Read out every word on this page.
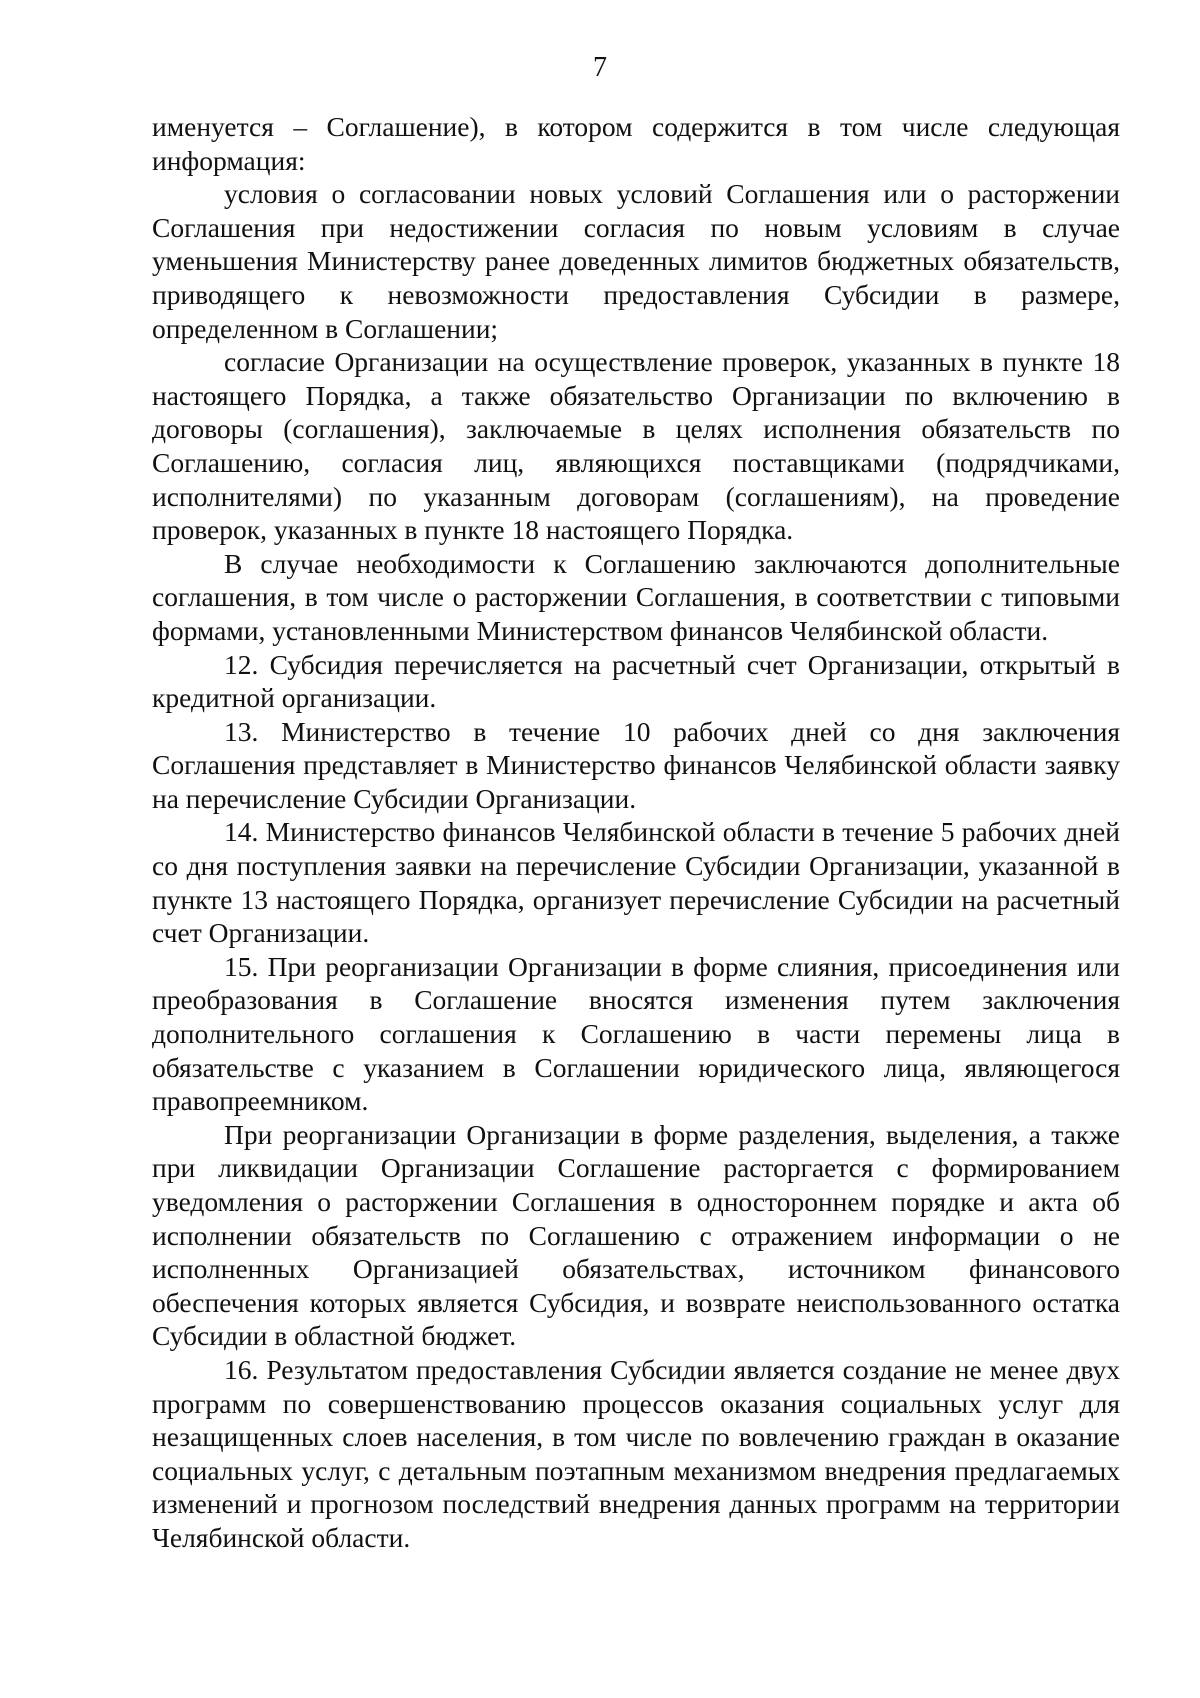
7

именуется – Соглашение), в котором содержится в том числе следующая информация:

условия о согласовании новых условий Соглашения или о расторжении Соглашения при недостижении согласия по новым условиям в случае уменьшения Министерству ранее доведенных лимитов бюджетных обязательств, приводящего к невозможности предоставления Субсидии в размере, определенном в Соглашении;

согласие Организации на осуществление проверок, указанных в пункте 18 настоящего Порядка, а также обязательство Организации по включению в договоры (соглашения), заключаемые в целях исполнения обязательств по Соглашению, согласия лиц, являющихся поставщиками (подрядчиками, исполнителями) по указанным договорам (соглашениям), на проведение проверок, указанных в пункте 18 настоящего Порядка.

В случае необходимости к Соглашению заключаются дополнительные соглашения, в том числе о расторжении Соглашения, в соответствии с типовыми формами, установленными Министерством финансов Челябинской области.

12. Субсидия перечисляется на расчетный счет Организации, открытый в кредитной организации.

13. Министерство в течение 10 рабочих дней со дня заключения Соглашения представляет в Министерство финансов Челябинской области заявку на перечисление Субсидии Организации.

14. Министерство финансов Челябинской области в течение 5 рабочих дней со дня поступления заявки на перечисление Субсидии Организации, указанной в пункте 13 настоящего Порядка, организует перечисление Субсидии на расчетный счет Организации.

15. При реорганизации Организации в форме слияния, присоединения или преобразования в Соглашение вносятся изменения путем заключения дополнительного соглашения к Соглашению в части перемены лица в обязательстве с указанием в Соглашении юридического лица, являющегося правопреемником.

При реорганизации Организации в форме разделения, выделения, а также при ликвидации Организации Соглашение расторгается с формированием уведомления о расторжении Соглашения в одностороннем порядке и акта об исполнении обязательств по Соглашению с отражением информации о не исполненных Организацией обязательствах, источником финансового обеспечения которых является Субсидия, и возврате неиспользованного остатка Субсидии в областной бюджет.

16. Результатом предоставления Субсидии является создание не менее двух программ по совершенствованию процессов оказания социальных услуг для незащищенных слоев населения, в том числе по вовлечению граждан в оказание социальных услуг, с детальным поэтапным механизмом внедрения предлагаемых изменений и прогнозом последствий внедрения данных программ на территории Челябинской области.
